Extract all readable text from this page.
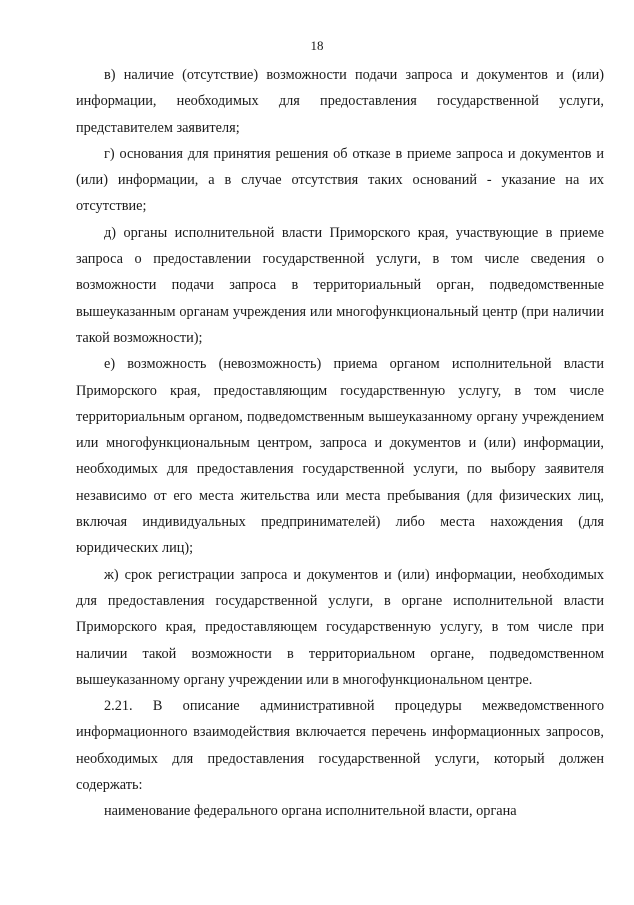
18

в) наличие (отсутствие) возможности подачи запроса и документов и (или) информации, необходимых для предоставления государственной услуги, представителем заявителя;

г) основания для принятия решения об отказе в приеме запроса и документов и (или) информации, а в случае отсутствия таких оснований - указание на их отсутствие;

д) органы исполнительной власти Приморского края, участвующие в приеме запроса о предоставлении государственной услуги, в том числе сведения о возможности подачи запроса в территориальный орган, подведомственные вышеуказанным органам учреждения или многофункциональный центр (при наличии такой возможности);

е) возможность (невозможность) приема органом исполнительной власти Приморского края, предоставляющим государственную услугу, в том числе территориальным органом, подведомственным вышеуказанному органу учреждением или многофункциональным центром, запроса и документов и (или) информации, необходимых для предоставления государственной услуги, по выбору заявителя независимо от его места жительства или места пребывания (для физических лиц, включая индивидуальных предпринимателей) либо места нахождения (для юридических лиц);

ж) срок регистрации запроса и документов и (или) информации, необходимых для предоставления государственной услуги, в органе исполнительной власти Приморского края, предоставляющем государственную услугу, в том числе при наличии такой возможности в территориальном органе, подведомственном вышеуказанному органу учреждении или в многофункциональном центре.

2.21. В описание административной процедуры межведомственного информационного взаимодействия включается перечень информационных запросов, необходимых для предоставления государственной услуги, который должен содержать:

наименование федерального органа исполнительной власти, органа
